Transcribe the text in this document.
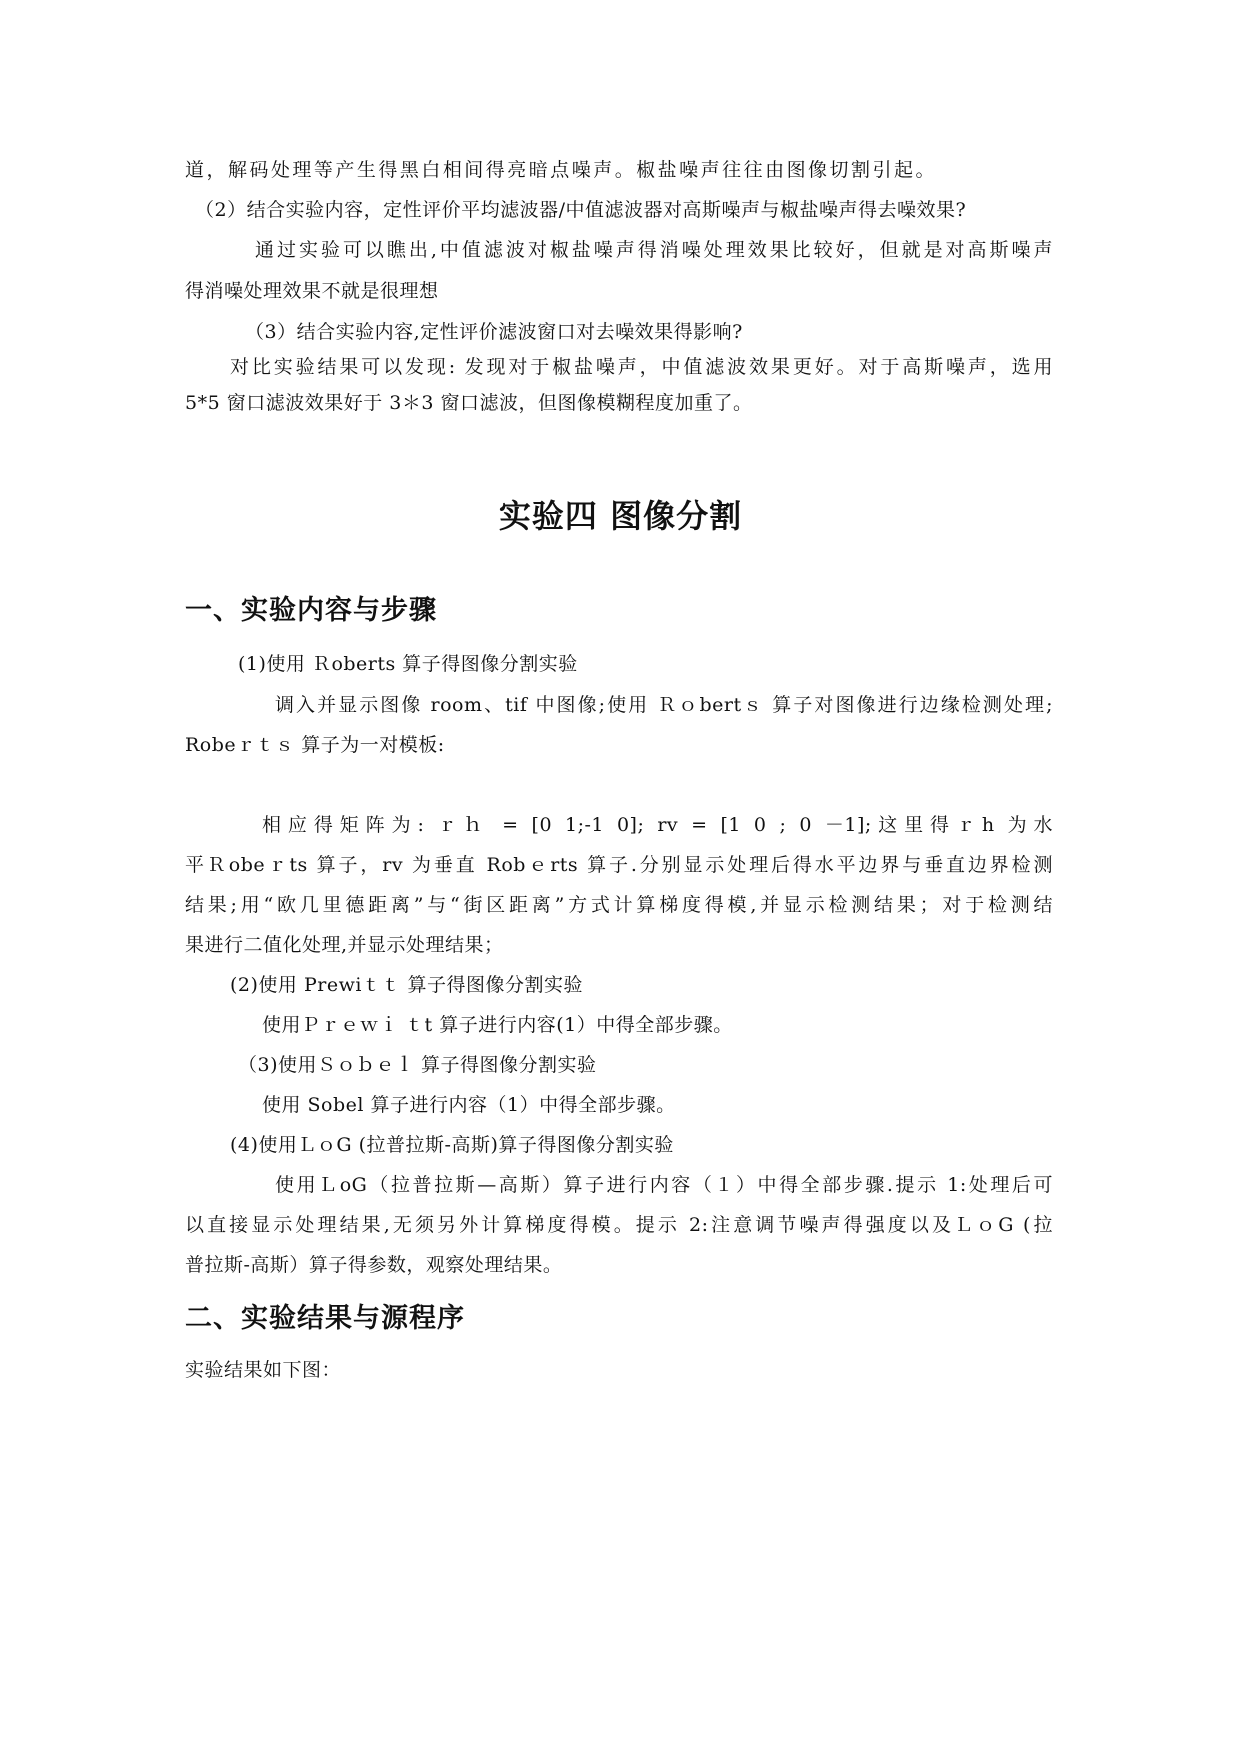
道，解码处理等产生得黑白相间得亮暗点噪声。椒盐噪声往往由图像切割引起。
（2）结合实验内容，定性评价平均滤波器/中值滤波器对高斯噪声与椒盐噪声得去噪效果?
通过实验可以瞧出,中值滤波对椒盐噪声得消噪处理效果比较好，但就是对高斯噪声
得消噪处理效果不就是很理想
（3）结合实验内容,定性评价滤波窗口对去噪效果得影响?
对比实验结果可以发现: 发现对于椒盐噪声，中值滤波效果更好。对于高斯噪声，选用
5*5 窗口滤波效果好于 3＊3 窗口滤波，但图像模糊程度加重了。
实验四 图像分割
一、实验内容与步骤
(1)使用 Ｒoberts 算子得图像分割实验
调入并显示图像 room、tif 中图像;使用 Ｒｏbertｓ 算子对图像进行边缘检测处理;
Robeｒｔｓ 算子为一对模板:
相应得矩阵为: ｒｈ = [0 1;-1 0]; rv = [1 0 ; 0 －1];这里得ｒh 为水
平Ｒobeｒts 算子，rv 为垂直 Robｅrts 算子.分别显示处理后得水平边界与垂直边界检测
结果;用“欧几里德距离”与“街区距离”方式计算梯度得模,并显示检测结果；对于检测结
果进行二值化处理,并显示处理结果；
(2)使用 Prewiｔｔ 算子得图像分割实验
使用Ｐｒｅｗｉ ｔt 算子进行内容(1）中得全部步骤。
（3)使用Ｓｏｂｅｌ 算子得图像分割实验
使用 Sobel 算子进行内容（1）中得全部步骤。
(4)使用ＬｏG (拉普拉斯-高斯)算子得图像分割实验
使用ＬoG（拉普拉斯—高斯）算子进行内容（１）中得全部步骤.提示 1:处理后可
以直接显示处理结果,无须另外计算梯度得模。提示 2:注意调节噪声得强度以及ＬｏG (拉
普拉斯-高斯）算子得参数，观察处理结果。
二、实验结果与源程序
实验结果如下图：
